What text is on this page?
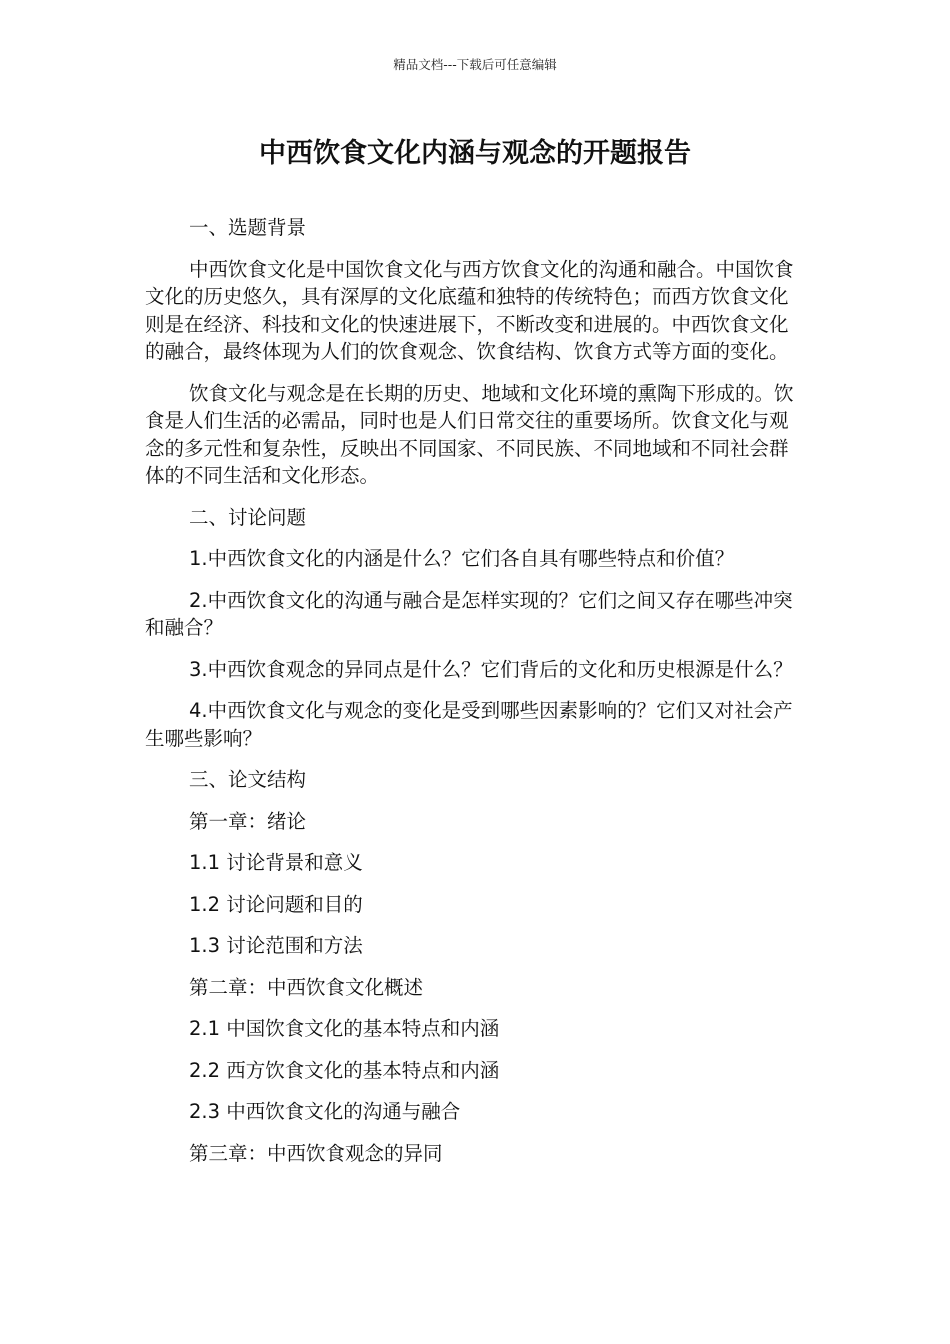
精品文档---下载后可任意编辑
中西饮食文化内涵与观念的开题报告

一、选题背景

中西饮食文化是中国饮食文化与西方饮食文化的沟通和融合。中国饮食文化的历史悠久，具有深厚的文化底蕴和独特的传统特色；而西方饮食文化则是在经济、科技和文化的快速进展下，不断改变和进展的。中西饮食文化的融合，最终体现为人们的饮食观念、饮食结构、饮食方式等方面的变化。

饮食文化与观念是在长期的历史、地域和文化环境的熏陶下形成的。饮食是人们生活的必需品，同时也是人们日常交往的重要场所。饮食文化与观念的多元性和复杂性，反映出不同国家、不同民族、不同地域和不同社会群体的不同生活和文化形态。

二、讨论问题

1.中西饮食文化的内涵是什么？它们各自具有哪些特点和价值？

2.中西饮食文化的沟通与融合是怎样实现的？它们之间又存在哪些冲突和融合？

3.中西饮食观念的异同点是什么？它们背后的文化和历史根源是什么？

4.中西饮食文化与观念的变化是受到哪些因素影响的？它们又对社会产生哪些影响？

三、论文结构

第一章：绪论

1.1 讨论背景和意义

1.2 讨论问题和目的

1.3 讨论范围和方法

第二章：中西饮食文化概述

2.1 中国饮食文化的基本特点和内涵

2.2 西方饮食文化的基本特点和内涵

2.3 中西饮食文化的沟通与融合

第三章：中西饮食观念的异同
